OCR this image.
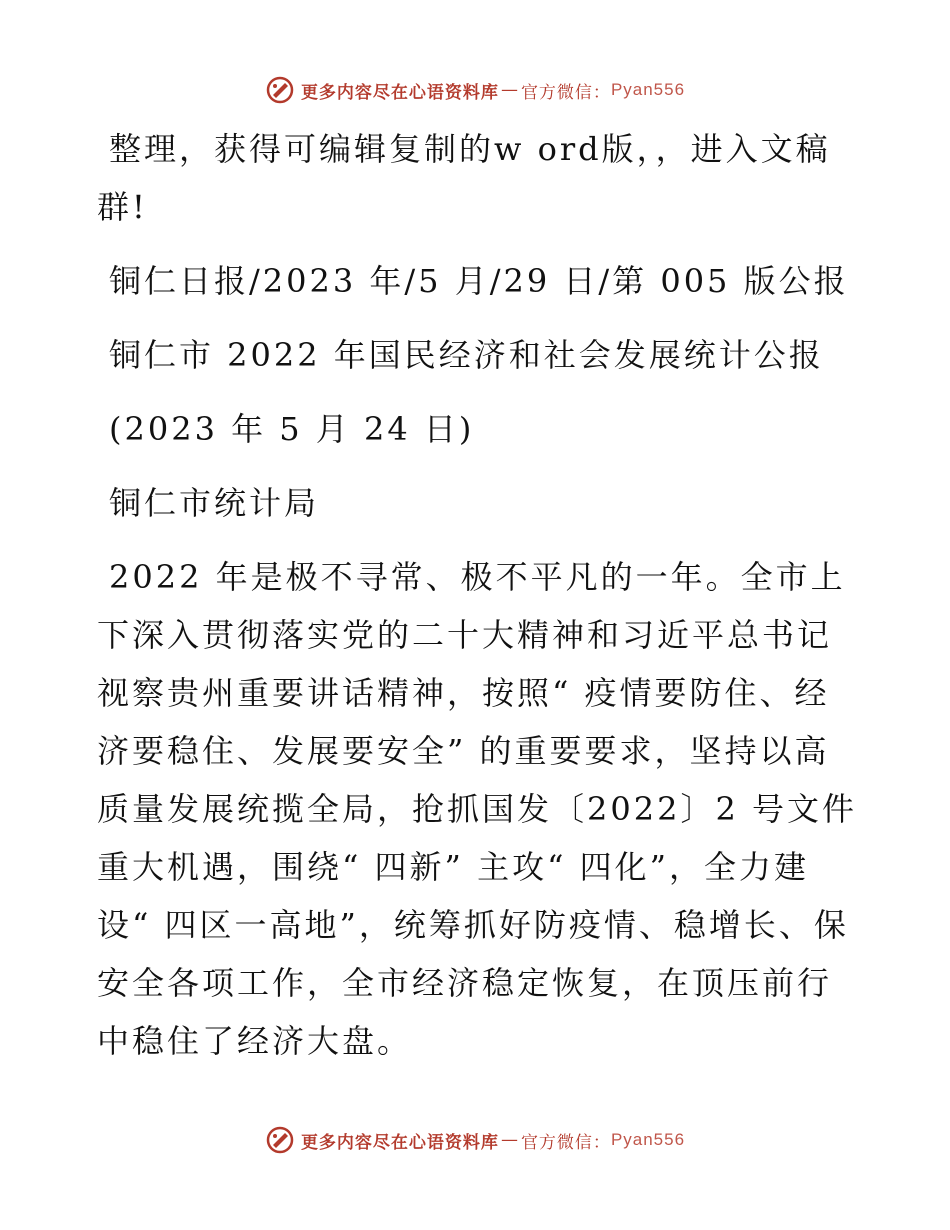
更多内容尽在心语资料库 — 官方微信： Pyan556

整理，获得可编辑复制的w ord版，，进入文稿群!

铜仁日报/2023 年/5 月/29 日/第 005 版公报

铜仁市 2022 年国民经济和社会发展统计公报

(2023 年 5 月 24 日)

铜仁市统计局

2022 年是极不寻常、极不平凡的一年。全市上下深入贯彻落实党的二十大精神和习近平总书记视察贵州重要讲话精神，按照“ 疫情要防住、经济要稳住、发展要安全” 的重要要求，坚持以高质量发展统揽全局，抢抓国发〔2022〕2 号文件重大机遇，围绕“ 四新” 主攻“ 四化”，全力建设“ 四区一高地”，统筹抓好防疫情、稳增长、保安全各项工作，全市经济稳定恢复，在顶压前行中稳住了经济大盘。

更多内容尽在心语资料库 — 官方微信： Pyan556
